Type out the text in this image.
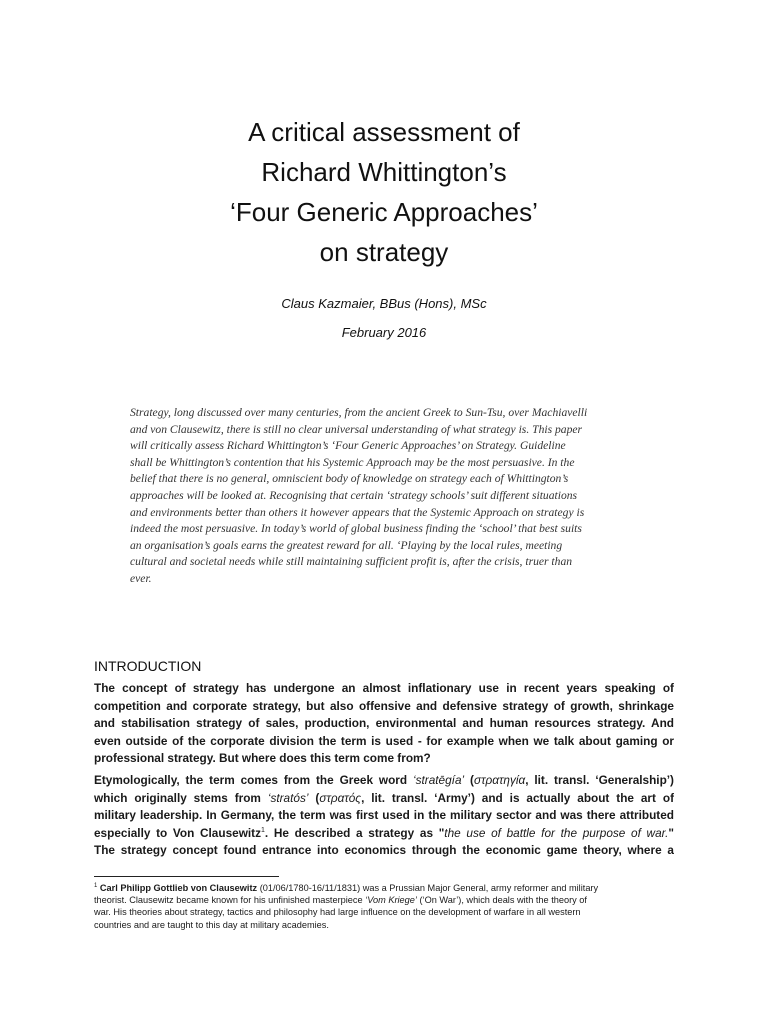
A critical assessment of
Richard Whittington’s
‘Four Generic Approaches’
on strategy
Claus Kazmaier, BBus (Hons), MSc
February 2016
Strategy, long discussed over many centuries, from the ancient Greek to Sun-Tsu, over Machiavelli
and von Clausewitz, there is still no clear universal understanding of what strategy is. This paper
will critically assess Richard Whittington’s ‘Four Generic Approaches’ on Strategy. Guideline
shall be Whittington’s contention that his Systemic Approach may be the most persuasive. In the
belief that there is no general, omniscient body of knowledge on strategy each of Whittington’s
approaches will be looked at. Recognising that certain ‘strategy schools’ suit different situations
and environments better than others it however appears that the Systemic Approach on strategy is
indeed the most persuasive. In today’s world of global business finding the ‘school’ that best suits
an organisation’s goals earns the greatest reward for all. ‘Playing by the local rules, meeting
cultural and societal needs while still maintaining sufficient profit is, after the crisis, truer than
ever.
INTRODUCTION
The concept of strategy has undergone an almost inflationary use in recent years speaking of
competition and corporate strategy, but also offensive and defensive strategy of growth, shrinkage
and stabilisation strategy of sales, production, environmental and human resources strategy. And
even outside of the corporate division the term is used - for example when we talk about gaming or
professional strategy. But where does this term come from?
Etymologically, the term comes from the Greek word ‘stratēgía’ (στρατηγία, lit. transl. ‘Generalship’)
which originally stems from ‘stratós’ (στρατός, lit. transl. ‘Army’) and is actually about the art of
military leadership. In Germany, the term was first used in the military sector and was there attributed
especially to Von Clausewitz$^1$. He described a strategy as "the use of battle for the purpose of war."
The strategy concept found entrance into economics through the economic game theory, where a
$^1$ Carl Philipp Gottlieb von Clausewitz (01/06/1780-16/11/1831) was a Prussian Major General, army reformer and military
theorist. Clausewitz became known for his unfinished masterpiece ‘Vom Kriege’ (‘On War’), which deals with the theory of
war. His theories about strategy, tactics and philosophy had large influence on the development of warfare in all western
countries and are taught to this day at military academies.
